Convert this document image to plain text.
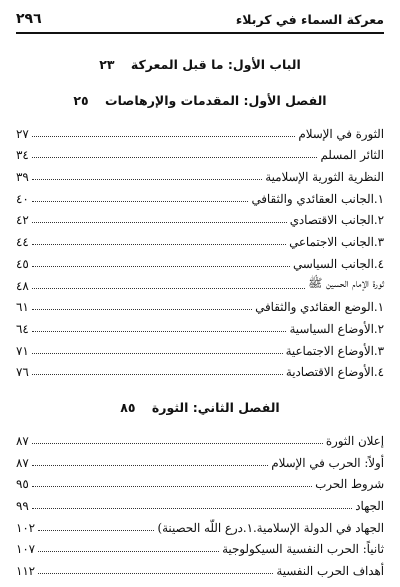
معركة السماء في كربلاء
٢٩٦
الباب الأول: ما قبل المعركة ٢٣
الفصل الأول: المقدمات والإرهاصات ٢٥
الثورة في الإسلام
٢٧
الثائر المسلم
٣٤
النظرية الثورية الإسلامية
٣٩
١.الجانب العقائدي والثقافي
٤٠
٢.الجانب الاقتصادي
٤٢
٣.الجانب الاجتماعي
٤٤
٤.الجانب السياسي
٤٥
ثورة الإمام الحسين ﷺ
٤٨
١.الوضع العقائدي والثقافي
٦١
٢.الأوضاع السياسية
٦٤
٣.الأوضاع الاجتماعية
٧١
٤.الأوضاع الاقتصادية
٧٦
الفصل الثاني: الثورة ٨٥
إعلان الثورة
٨٧
أولاً: الحرب في الإسلام
٨٧
شروط الحرب
٩٥
الجهاد
٩٩
الجهاد في الدولة الإسلامية.١.درع اللّه الحصينة)
١٠٢
ثانياً: الحرب النفسية السيكولوجية
١٠٧
أهداف الحرب النفسية
١١٢
